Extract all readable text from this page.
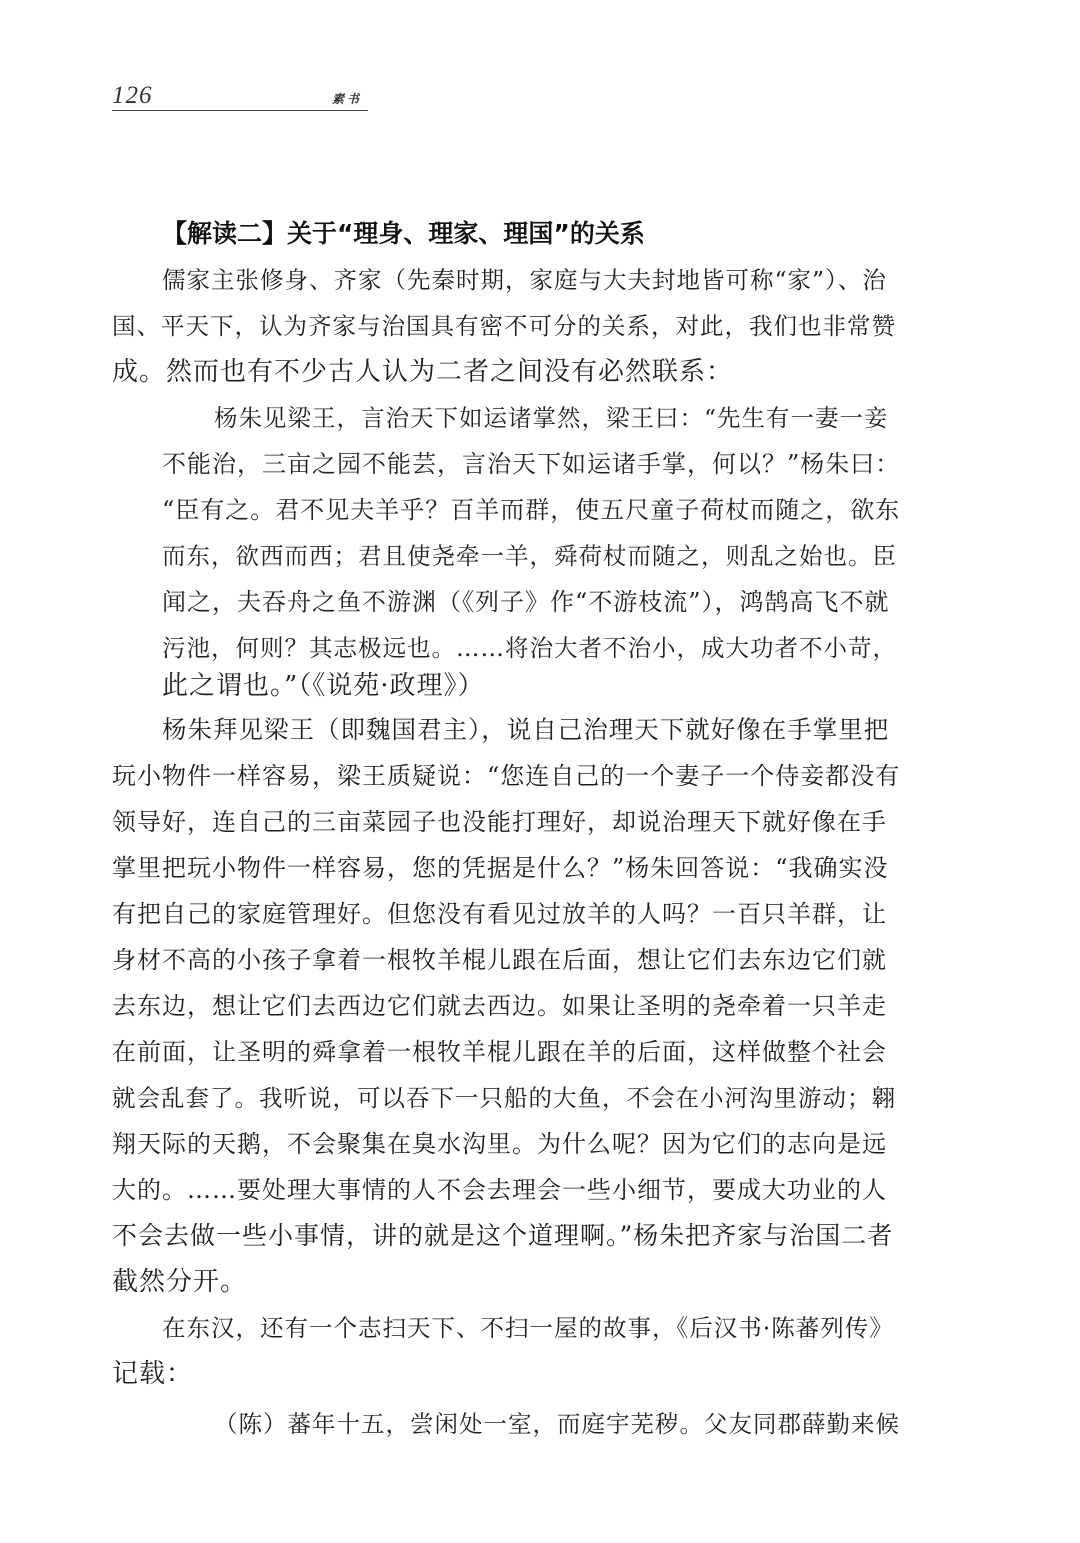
126	素书
【解读二】关于“理身、理家、理国”的关系
儒家主张修身、齐家（先秦时期，家庭与大夫封地皆可称“家”）、治
国、平天下，认为齐家与治国具有密不可分的关系，对此，我们也非常赞
成。然而也有不少古人认为二者之间没有必然联系：
杨朱见梁王，言治天下如运诸掌然，梁王曰：“先生有一妻一妾
不能治，三亩之园不能芸，言治天下如运诸手掌，何以？”杨朱曰：
“臣有之。君不见夫羊乎？百羊而群，使五尺童子荷杖而随之，欲东
而东，欲西而西；君且使尧牵一羊，舜荷杖而随之，则乱之始也。臣
闻之，夫吞舟之鱼不游渊（《列子》作“不游枝流”），鸿鹄高飞不就
污池，何则？其志极远也。……将治大者不治小，成大功者不小苛，
此之谓也。”（《说苑·政理》）
杨朱拜见梁王（即魏国君主），说自己治理天下就好像在手掌里把
玩小物件一样容易，梁王质疑说：“您连自己的一个妻子一个侍妾都没有
领导好，连自己的三亩菜园子也没能打理好，却说治理天下就好像在手
掌里把玩小物件一样容易，您的凭据是什么？”杨朱回答说：“我确实没
有把自己的家庭管理好。但您没有看见过放羊的人吗？一百只羊群，让
身材不高的小孩子拿着一根牧羊棍儿跟在后面，想让它们去东边它们就
去东边，想让它们去西边它们就去西边。如果让圣明的尧牵着一只羊走
在前面，让圣明的舜拿着一根牧羊棍儿跟在羊的后面，这样做整个社会
就会乱套了。我听说，可以吞下一只船的大鱼，不会在小河沟里游动；翱
翔天际的天鹅，不会聚集在臭水沟里。为什么呢？因为它们的志向是远
大的。……要处理大事情的人不会去理会一些小细节，要成大功业的人
不会去做一些小事情，讲的就是这个道理啊。”杨朱把齐家与治国二者
截然分开。
在东汉，还有一个志扫天下、不扫一屋的故事，《后汉书·陈蕃列传》
记载：
（陈）蕃年十五，尝闲处一室，而庭宇芜秽。父友同郡薛勤来候
